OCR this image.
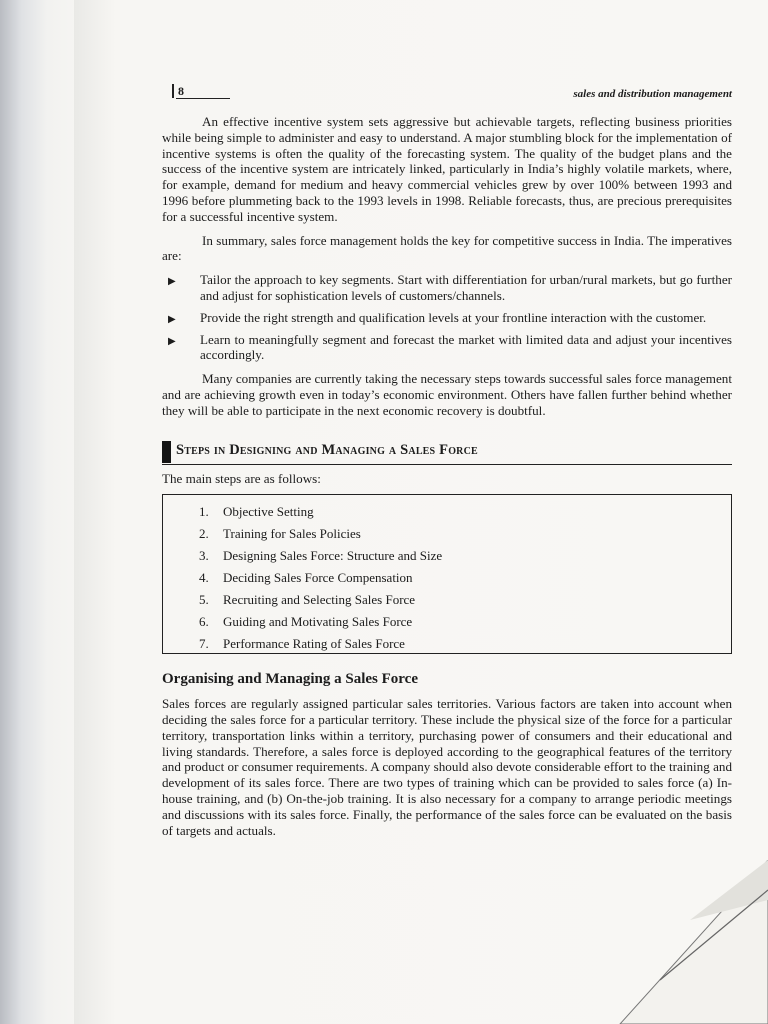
8	sales and distribution management

An effective incentive system sets aggressive but achievable targets, reflecting business priorities while being simple to administer and easy to understand. A major stumbling block for the implementation of incentive systems is often the quality of the forecasting system. The quality of the budget plans and the success of the incentive system are intricately linked, particularly in India’s highly volatile markets, where, for example, demand for medium and heavy commercial vehicles grew by over 100% between 1993 and 1996 before plummeting back to the 1993 levels in 1998. Reliable forecasts, thus, are precious prerequisites for a successful incentive system.

In summary, sales force management holds the key for competitive success in India. The imperatives are:

▶ Tailor the approach to key segments. Start with differentiation for urban/rural markets, but go further and adjust for sophistication levels of customers/channels.
▶ Provide the right strength and qualification levels at your frontline interaction with the customer.
▶ Learn to meaningfully segment and forecast the market with limited data and adjust your incentives accordingly.

Many companies are currently taking the necessary steps towards successful sales force management and are achieving growth even in today’s economic environment. Others have fallen further behind whether they will be able to participate in the next economic recovery is doubtful.

Steps in Designing and Managing a Sales Force

The main steps are as follows:

1. Objective Setting
2. Training for Sales Policies
3. Designing Sales Force: Structure and Size
4. Deciding Sales Force Compensation
5. Recruiting and Selecting Sales Force
6. Guiding and Motivating Sales Force
7. Performance Rating of Sales Force
Organising and Managing a Sales Force

Sales forces are regularly assigned particular sales territories. Various factors are taken into account when deciding the sales force for a particular territory. These include the physical size of the force for a particular territory, transportation links within a territory, purchasing power of consumers and their educational and living standards. Therefore, a sales force is deployed according to the geographical features of the territory and product or consumer requirements. A company should also devote considerable effort to the training and development of its sales force. There are two types of training which can be provided to sales force (a) In-house training, and (b) On-the-job training. It is also necessary for a company to arrange periodic meetings and discussions with its sales force. Finally, the performance of the sales force can be evaluated on the basis of targets and actuals.
